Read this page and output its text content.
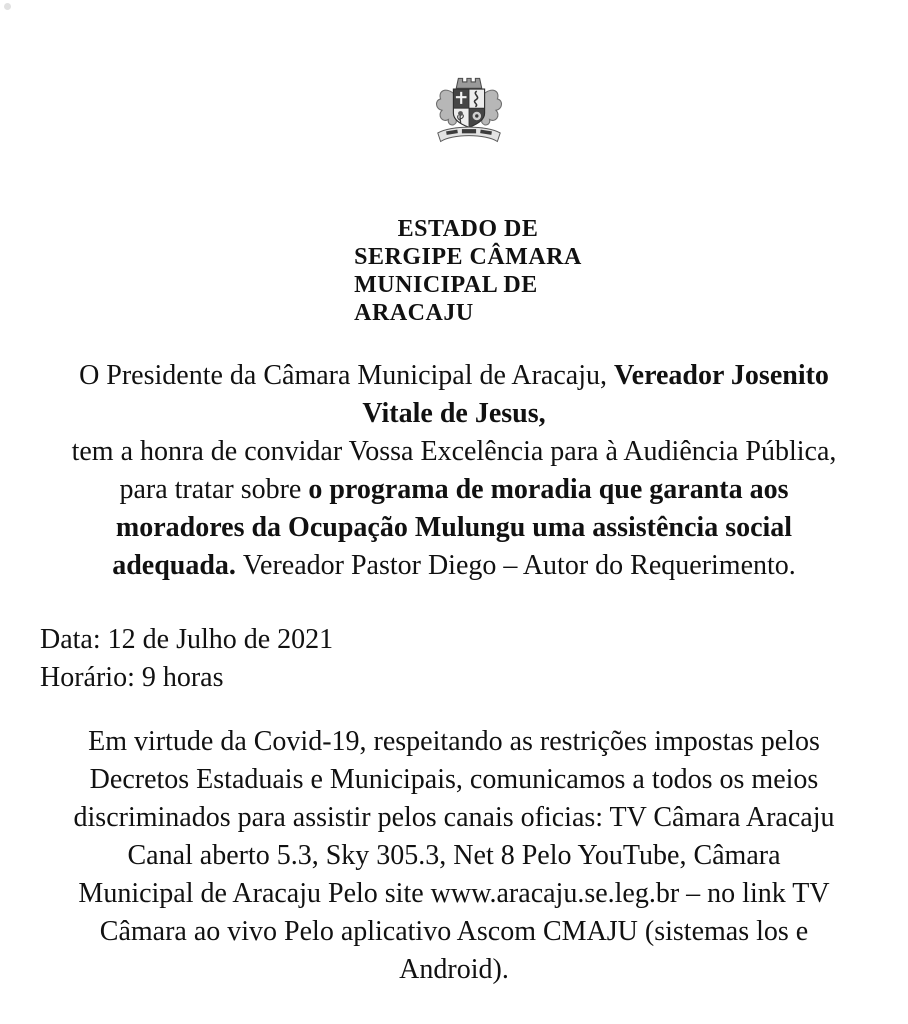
ESTADO DE
SERGIPE CÂMARA
MUNICIPAL DE
ARACAJU
O Presidente da Câmara Municipal de Aracaju, Vereador Josenito
Vitale de Jesus,
tem a honra de convidar Vossa Excelência para à Audiência Pública,
para tratar sobre o programa de moradia que garanta aos
moradores da Ocupação Mulungu uma assistência social
adequada. Vereador Pastor Diego – Autor do Requerimento.
Data: 12 de Julho de 2021
Horário: 9 horas
Em virtude da Covid-19, respeitando as restrições impostas pelos
Decretos Estaduais e Municipais, comunicamos a todos os meios
discriminados para assistir pelos canais oficias: TV Câmara Aracaju
Canal aberto 5.3, Sky 305.3, Net 8 Pelo YouTube, Câmara
Municipal de Aracaju Pelo site www.aracaju.se.leg.br – no link TV
Câmara ao vivo Pelo aplicativo Ascom CMAJU (sistemas los e
Android).
